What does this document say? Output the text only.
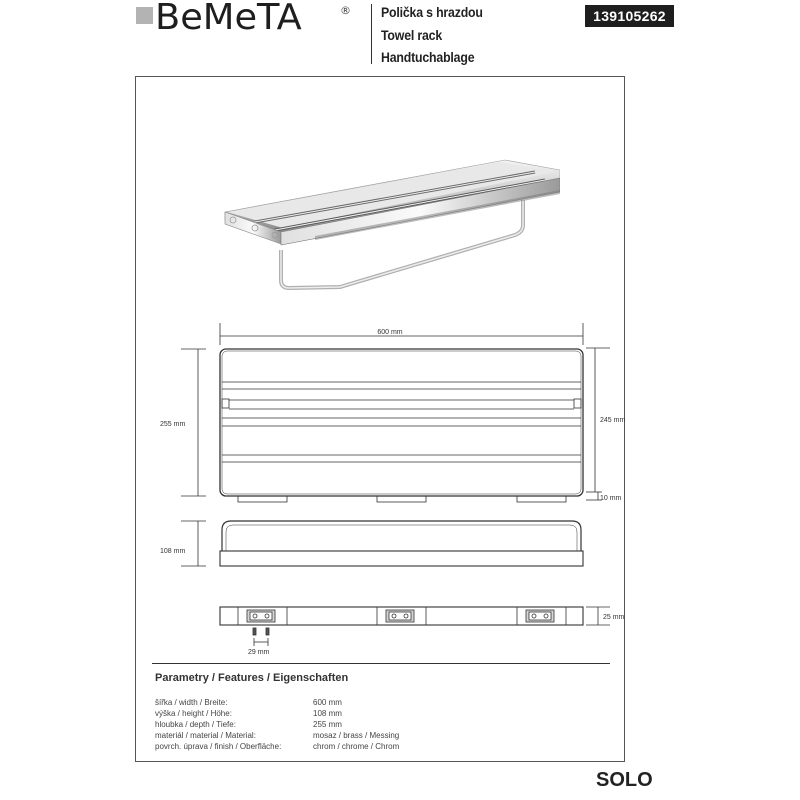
BeMeTA	® Polička s hrazdou
Towel rack
Handtuchablage
139105262
600 mm
255 mm
245 mm
10 mm
108 mm
25 mm
29 mm
Parametry / Features / Eigenschaften
šířka / width / Breite:	600 mm
výška / height / Höhe:	108 mm
hloubka / depth / Tiefe:	255 mm
materiál / material / Material:	mosaz / brass / Messing
povrch. úprava / finish / Oberfläche:	chrom / chrome / Chrom
SOLO
